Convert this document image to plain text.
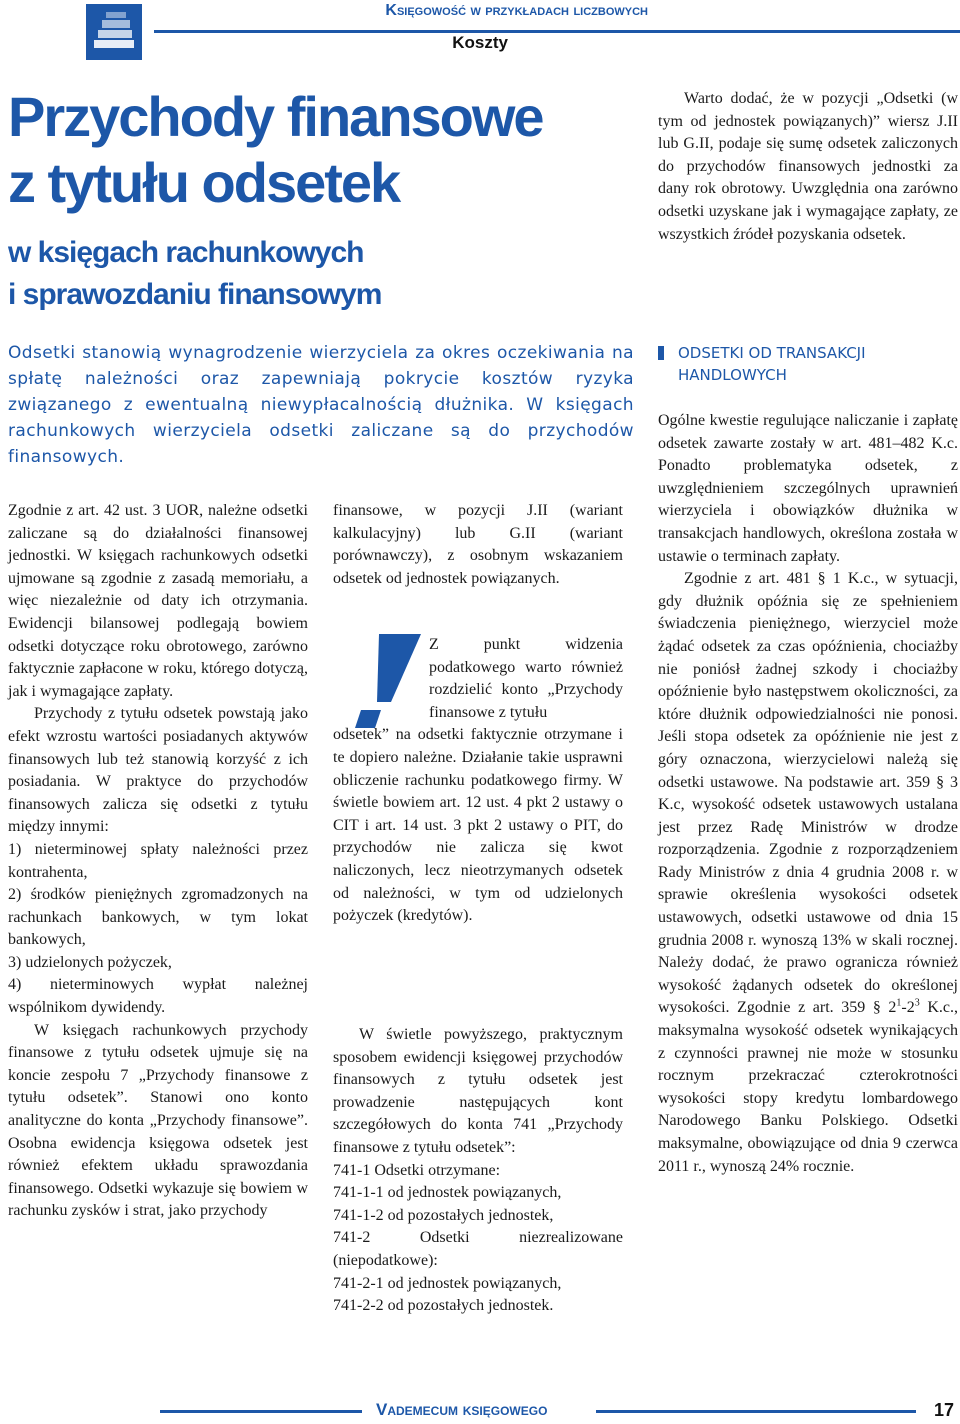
Księgowość w przykładach liczbowych
Koszty
Przychody finansowe
z tytułu odsetek
w księgach rachunkowych
i sprawozdaniu finansowym
Odsetki stanowią wynagrodzenie wierzyciela za okres oczekiwania na spłatę należności oraz zapewniają pokrycie kosztów ryzyka związanego z ewentualną niewypłacalnością dłużnika. W księgach rachunkowych wierzyciela odsetki zaliczane są do przychodów finansowych.

Zgodnie z art. 42 ust. 3 UOR, należne odsetki zaliczane są do działalności finansowej jednostki. W księgach rachunkowych odsetki ujmowane są zgodnie z zasadą memoriału, a więc niezależnie od daty ich otrzymania. Ewidencji bilansowej podlegają bowiem odsetki dotyczące roku obrotowego, zarówno faktycznie zapłacone w roku, którego dotyczą, jak i wymagające zapłaty.

Przychody z tytułu odsetek powstają jako efekt wzrostu wartości posiadanych aktywów finansowych lub też stanowią korzyść z ich posiadania. W praktyce do przychodów finansowych zalicza się odsetki z tytułu między innymi:

1) nieterminowej spłaty należności przez kontrahenta,

2) środków pieniężnych zgromadzonych na rachunkach bankowych, w tym lokat bankowych,

3) udzielonych pożyczek,

4) nieterminowych wypłat należnej wspólnikom dywidendy.

W księgach rachunkowych przychody finansowe z tytułu odsetek ujmuje się na koncie zespołu 7 „Przychody finansowe z tytułu odsetek”. Stanowi ono konto analityczne do konta „Przychody finansowe”. Osobna ewidencja księgowa odsetek jest również efektem układu sprawozdania finansowego. Odsetki wykazuje się bowiem w rachunku zysków i strat, jako przychody

finansowe, w pozycji J.II (wariant kalkulacyjny) lub G.II (wariant porównawczy), z osobnym wskazaniem odsetek od jednostek powiązanych.

Z punkt widzenia podatkowego warto również rozdzielić konto „Przychody finansowe z tytułu

odsetek” na odsetki faktycznie otrzymane i te dopiero należne. Działanie takie usprawni obliczenie rachunku podatkowego firmy. W świetle bowiem art. 12 ust. 4 pkt 2 ustawy o CIT i art. 14 ust. 3 pkt 2 ustawy o PIT, do przychodów nie zalicza się kwot naliczonych, lecz nieotrzymanych odsetek od należności, w tym od udzielonych pożyczek (kredytów).

W świetle powyższego, praktycznym sposobem ewidencji księgowej przychodów finansowych z tytułu odsetek jest prowadzenie następujących kont szczegółowych do konta 741 „Przychody finansowe z tytułu odsetek”:

741-1 Odsetki otrzymane:

741-1-1 od jednostek powiązanych,

741-1-2 od pozostałych jednostek,

741-2 Odsetki niezrealizowane (niepodatkowe):

741-2-1 od jednostek powiązanych,

741-2-2 od pozostałych jednostek.

Warto dodać, że w pozycji „Odsetki (w tym od jednostek powiązanych)” wiersz J.II lub G.II, podaje się sumę odsetek zaliczonych do przychodów finansowych jednostki za dany rok obrotowy. Uwzględnia ona zarówno odsetki uzyskane jak i wymagające zapłaty, ze wszystkich źródeł pozyskania odsetek.

ODSETKI OD TRANSAKCJI HANDLOWYCH

Ogólne kwestie regulujące naliczanie i zapłatę odsetek zawarte zostały w art. 481–482 K.c. Ponadto problematyka odsetek, z uwzględnieniem szczególnych uprawnień wierzyciela i obowiązków dłużnika w transakcjach handlowych, określona została w ustawie o terminach zapłaty.

Zgodnie z art. 481 § 1 K.c., w sytuacji, gdy dłużnik opóźnia się ze spełnieniem świadczenia pieniężnego, wierzyciel może żądać odsetek za czas opóźnienia, chociażby nie poniósł żadnej szkody i chociażby opóźnienie było następstwem okoliczności, za które dłużnik odpowiedzialności nie ponosi. Jeśli stopa odsetek za opóźnienie nie jest z góry oznaczona, wierzycielowi należą się odsetki ustawowe. Na podstawie art. 359 § 3 K.c, wysokość odsetek ustawowych ustalana jest przez Radę Ministrów w drodze rozporządzenia. Zgodnie z rozporządzeniem Rady Ministrów z dnia 4 grudnia 2008 r. w sprawie określenia wysokości odsetek ustawowych, odsetki ustawowe od dnia 15 grudnia 2008 r. wynoszą 13% w skali rocznej. Należy dodać, że prawo ogranicza również wysokość żądanych odsetek do określonej wysokości. Zgodnie z art. 359 § $2^1-2^3$ K.c., maksymalna wysokość odsetek wynikających z czynności prawnej nie może w stosunku rocznym przekraczać czterokrotności wysokości stopy kredytu lombardowego Narodowego Banku Polskiego. Odsetki maksymalne, obowiązujące od dnia 9 czerwca 2011 r., wynoszą 24% rocznie.

Vademecum księgowego	17
